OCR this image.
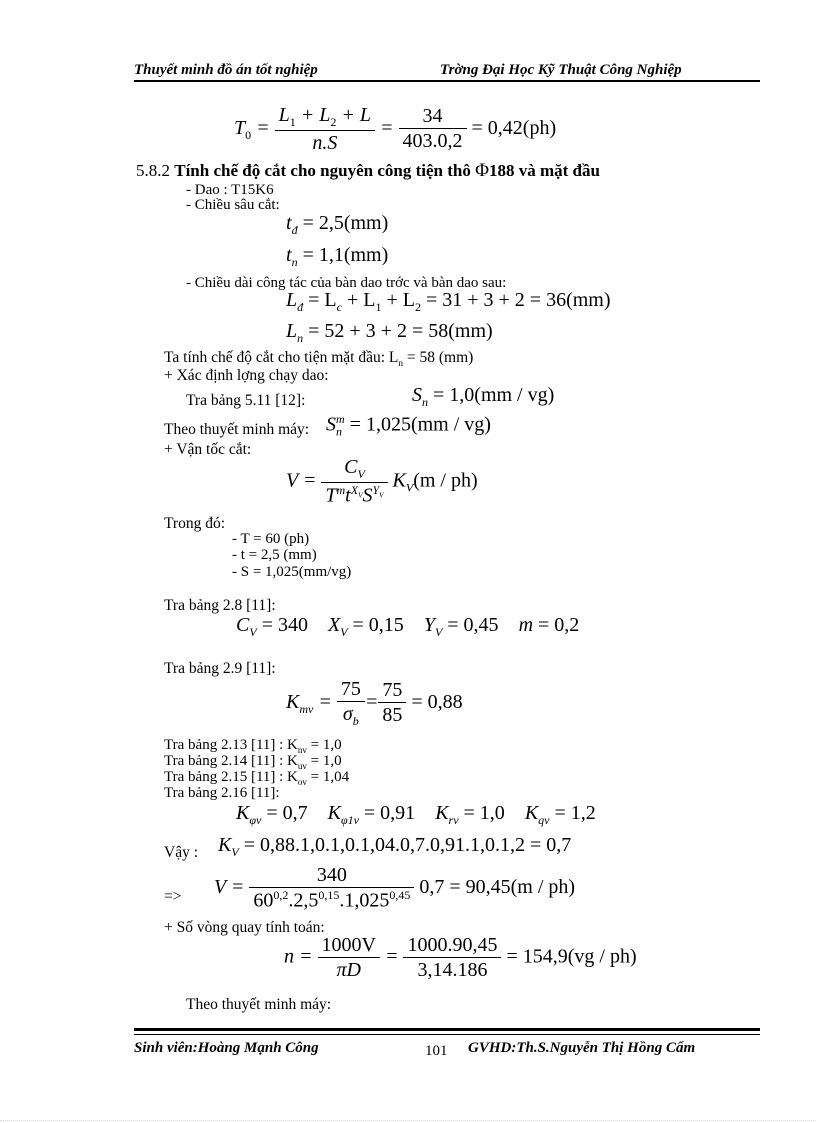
Thuyết minh đồ án tốt nghiệp	Trờng Đại Học Kỹ Thuật Công Nghiệp
$T_0 = \frac{L_1 + L_2 + L}{n.S} = \frac{34}{403.0,2} = 0,42(ph)$
5.8.2 Tính chế độ cắt cho nguyên công tiện thô Φ188 và mặt đầu
- Dao : T15K6
- Chiều sâu cắt:
$t_đ = 2,5(mm)$
$t_n = 1,1(mm)$
- Chiều dài công tác của bàn dao trớc và bàn dao sau:
$L_đ = L_c + L_1 + L_2 = 31 + 3 + 2 = 36(mm)$
$L_n = 52 + 3 + 2 = 58(mm)$
Ta tính chế độ cắt cho tiện mặt đầu: $L_n = 58$ (mm)
+ Xác định lợng chạy dao:
Tra bảng 5.11 [12]:	$S_n = 1,0(mm / vg)$
Theo thuyết minh máy: $S_n^m = 1,025(mm / vg)$
+ Vận tốc cắt:
$V = \frac{C_V}{T^mt^{X_V}S^{Y_V}} K_V(m / ph)$
Trong đó:
- T = 60 (ph)
- t = 2,5 (mm)
- S = 1,025(mm/vg)
Tra bảng 2.8 [11]:
$C_V = 340$    $X_V = 0,15$    $Y_V = 0,45$    m = 0,2
Tra bảng 2.9 [11]:
$K_{mv} = \frac{75}{\sigma_b} = \frac{75}{85} = 0,88$
Tra bảng 2.13 [11] : $K_{nv} = 1,0$
Tra bảng 2.14 [11] : $K_{uv} = 1,0$
Tra bảng 2.15 [11] : $K_{ov} = 1,04$
Tra bảng 2.16 [11]:
$K_{\varphi v} = 0,7$    $K_{\varphi 1v} = 0,91$    $K_{rv} = 1,0$    $K_{qv} = 1,2$
Vậy : $K_V = 0,88.1,0.1,0.1,04.0,7.0,91.1,0.1,2 = 0,7$
=> $V = \frac{340}{60^{0,2}.2,5^{0,15}.1,025^{0,45}} 0,7 = 90,45(m / ph)$
+ Số vòng quay tính toán:
$n = \frac{1000V}{\pi D} = \frac{1000.90,45}{3,14.186} = 154,9(vg / ph)$
Theo thuyết minh máy:
Sinh viên:Hoàng Mạnh Công	101 GVHD:Th.S.Nguyễn Thị Hồng Cẩm
